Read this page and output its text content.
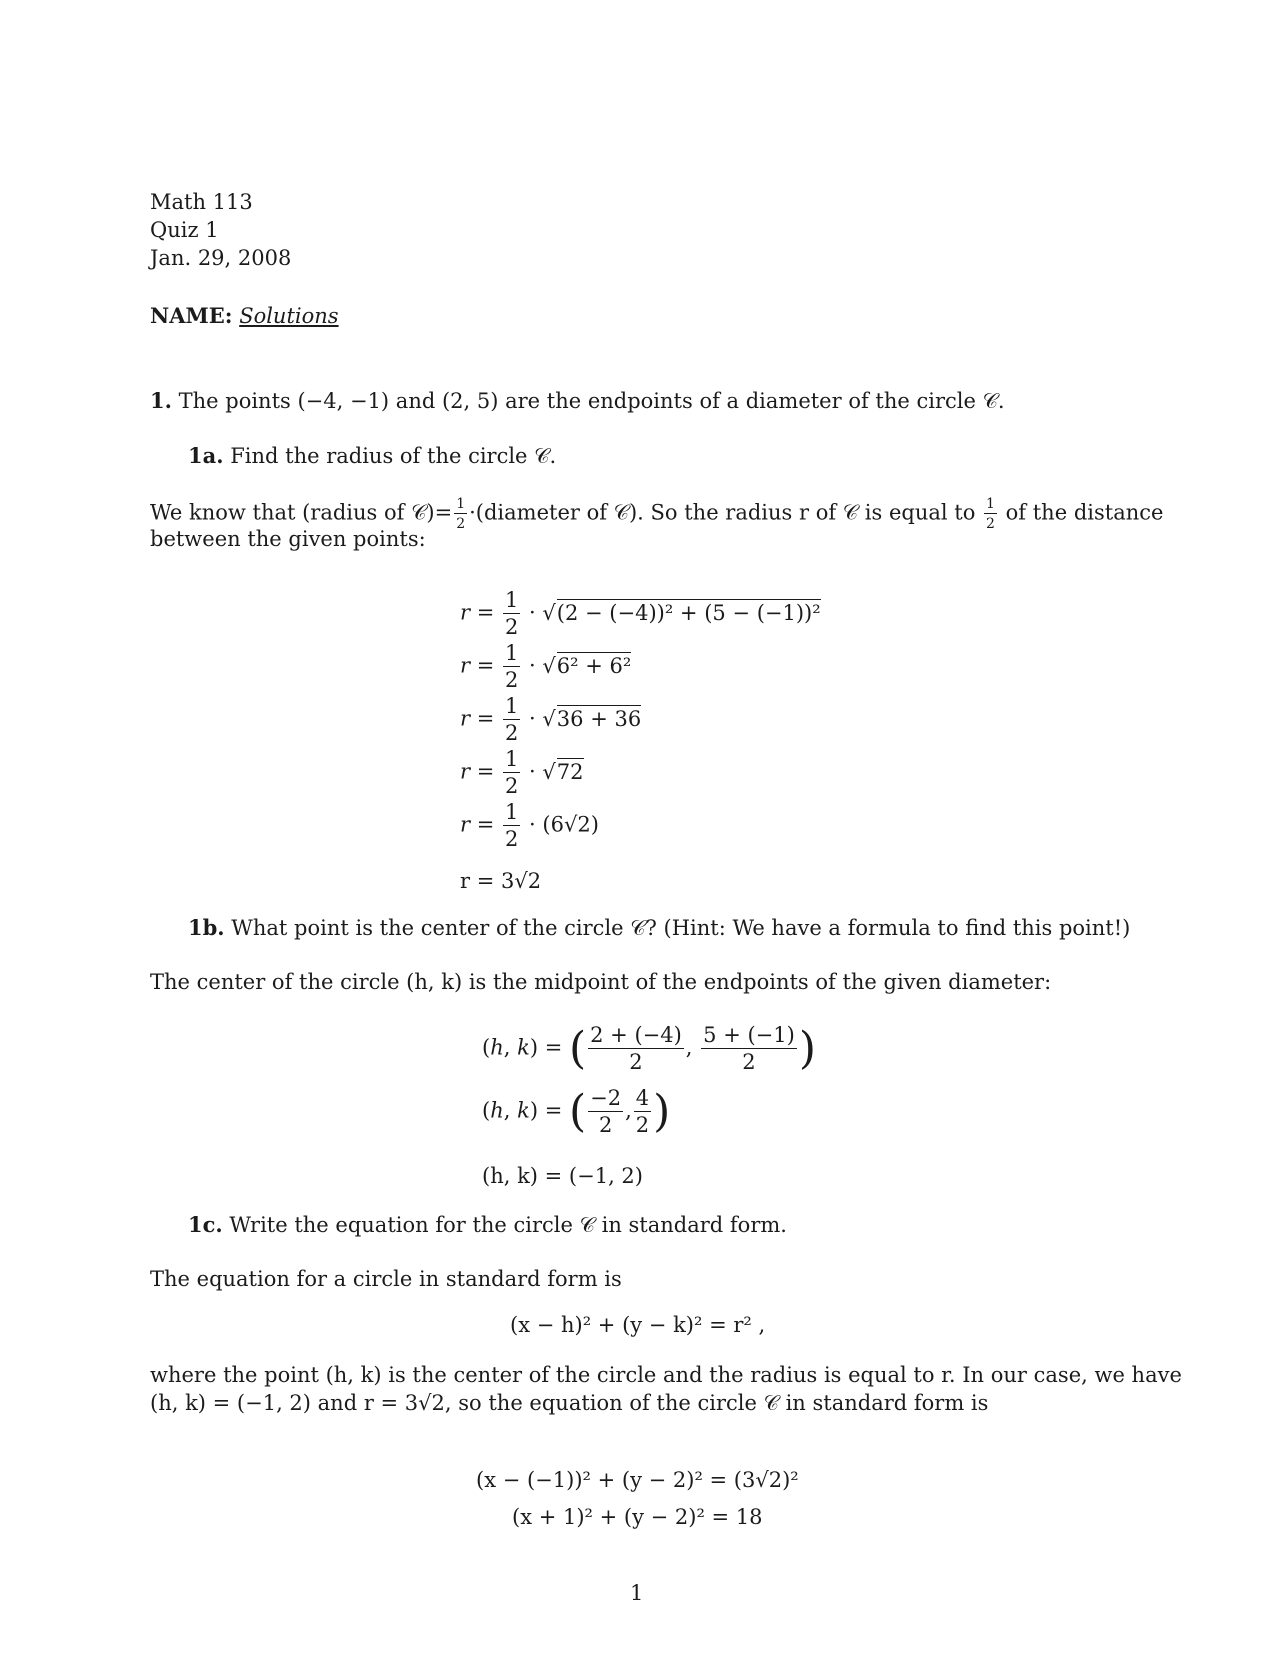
Math 113
Quiz 1
Jan. 29, 2008
NAME: Solutions
1. The points (−4, −1) and (2, 5) are the endpoints of a diameter of the circle 𝒞.
1a. Find the radius of the circle 𝒞.
We know that (radius of 𝒞)= $\frac{1}{2}$ ·(diameter of 𝒞). So the radius r of 𝒞 is equal to $\frac{1}{2}$ of the distance
between the given points:
$r = \frac{1}{2} \cdot √(2 - (-4))^2 + (5 - (-1))^2$
$r = \frac{1}{2} \cdot √6^2 + 6^2$
$r = \frac{1}{2} \cdot √36 + 36$
$r = \frac{1}{2} \cdot √72$
$r = \frac{1}{2} \cdot (6√2)$
r = 3√2
1b. What point is the center of the circle 𝒞? (Hint: We have a formula to find this point!)
The center of the circle (h, k) is the midpoint of the endpoints of the given diameter:
(h, k) = ( $\frac{2 + (-4)}{2}$ , $\frac{5 + (-1)}{2}$ )
(h, k) = ( $\frac{-2}{2}$ , $\frac{4}{2}$ )
(h, k) = (−1, 2)
1c. Write the equation for the circle 𝒞 in standard form.
The equation for a circle in standard form is
(x − h)² + (y − k)² = r² ,
where the point (h, k) is the center of the circle and the radius is equal to r. In our case, we have
(h, k) = (−1, 2) and r = 3√2, so the equation of the circle 𝒞 in standard form is
(x − (−1))² + (y − 2)² = (3√2)²
(x + 1)² + (y − 2)² = 18
1
